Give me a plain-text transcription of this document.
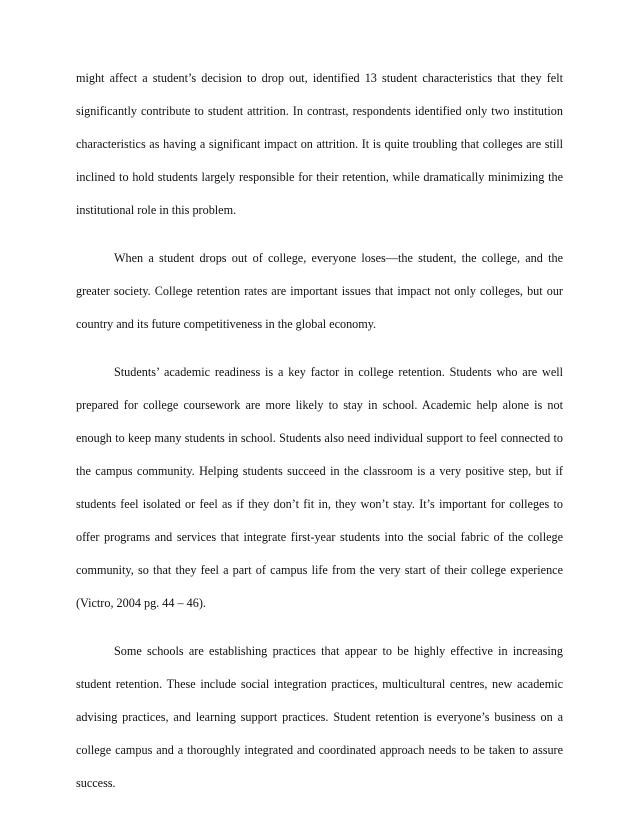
might affect a student’s decision to drop out, identified 13 student characteristics that they felt significantly contribute to student attrition. In contrast, respondents identified only two institution characteristics as having a significant impact on attrition. It is quite troubling that colleges are still inclined to hold students largely responsible for their retention, while dramatically minimizing the institutional role in this problem.

When a student drops out of college, everyone loses—the student, the college, and the greater society. College retention rates are important issues that impact not only colleges, but our country and its future competitiveness in the global economy.

Students’ academic readiness is a key factor in college retention. Students who are well prepared for college coursework are more likely to stay in school. Academic help alone is not enough to keep many students in school. Students also need individual support to feel connected to the campus community. Helping students succeed in the classroom is a very positive step, but if students feel isolated or feel as if they don’t fit in, they won’t stay. It’s important for colleges to offer programs and services that integrate first-year students into the social fabric of the college community, so that they feel a part of campus life from the very start of their college experience (Victro, 2004 pg. 44 – 46).

Some schools are establishing practices that appear to be highly effective in increasing student retention. These include social integration practices, multicultural centres, new academic advising practices, and learning support practices. Student retention is everyone’s business on a college campus and a thoroughly integrated and coordinated approach needs to be taken to assure success.
